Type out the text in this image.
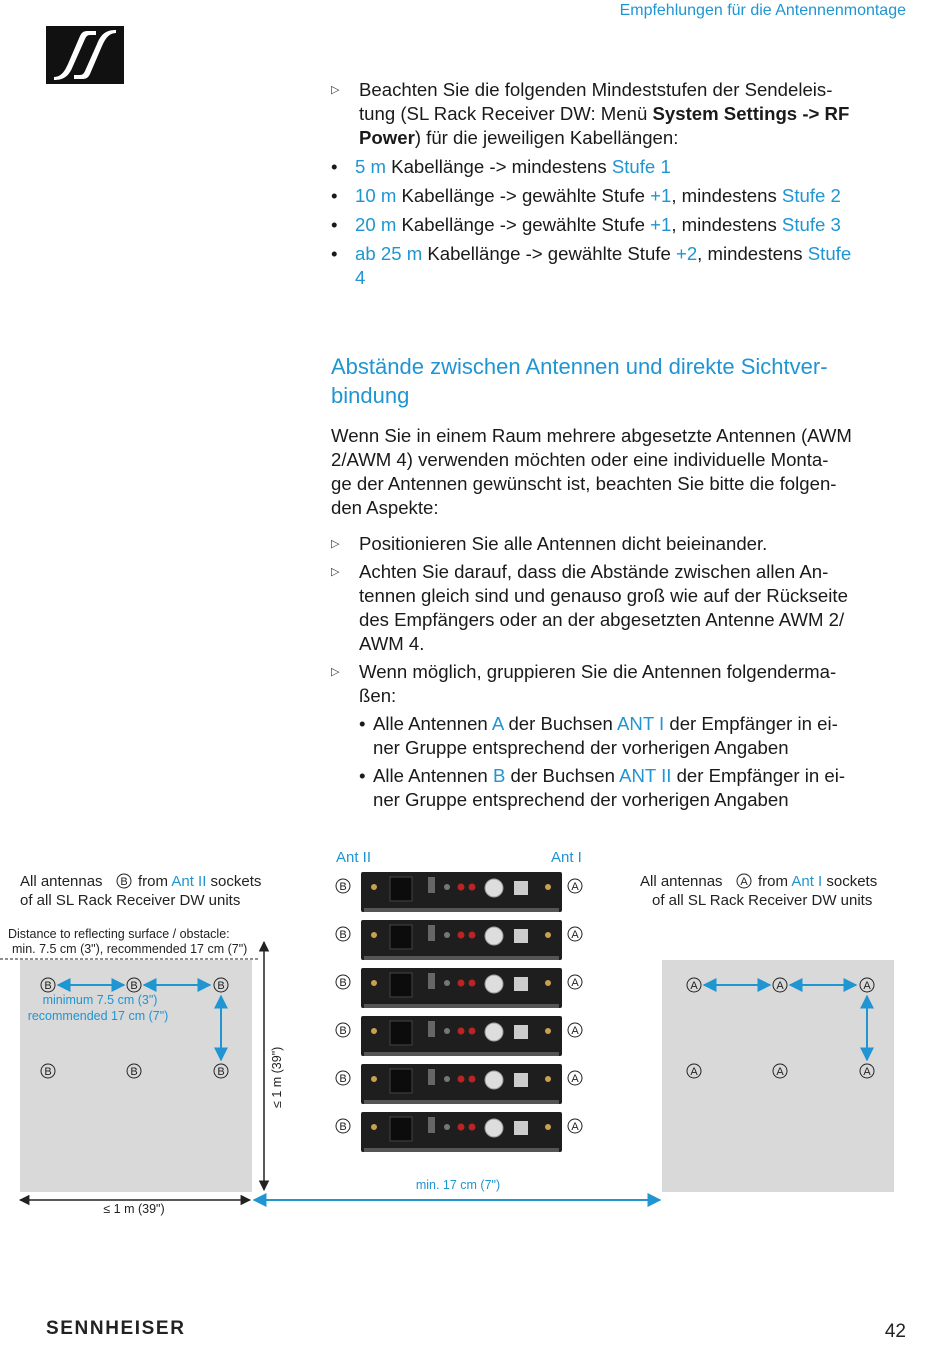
Empfehlungen für die Antennenmontage
▷ Beachten Sie die folgenden Mindeststufen der Sendeleis-
tung (SL Rack Receiver DW: Menü System Settings -> RF
Power) für die jeweiligen Kabellängen:
• 5 m Kabellänge -> mindestens Stufe 1
• 10 m Kabellänge -> gewählte Stufe +1, mindestens Stufe 2
• 20 m Kabellänge -> gewählte Stufe +1, mindestens Stufe 3
• ab 25 m Kabellänge -> gewählte Stufe +2, mindestens Stufe
4
Abstände zwischen Antennen und direkte Sichtver-
bindung
Wenn Sie in einem Raum mehrere abgesetzte Antennen (AWM
2/AWM 4) verwenden möchten oder eine individuelle Monta-
ge der Antennen gewünscht ist, beachten Sie bitte die folgen-
den Aspekte:
▷ Positionieren Sie alle Antennen dicht beieinander.
▷ Achten Sie darauf, dass die Abstände zwischen allen An-
tennen gleich sind und genauso groß wie auf der Rückseite
des Empfängers oder an der abgesetzten Antenne AWM 2/
AWM 4.
▷ Wenn möglich, gruppieren Sie die Antennen folgenderma-
ßen:
• Alle Antennen A der Buchsen ANT I der Empfänger in ei-
ner Gruppe entsprechend der vorherigen Angaben
• Alle Antennen B der Buchsen ANT II der Empfänger in ei-
ner Gruppe entsprechend der vorherigen Angaben
All antennas B from Ant II sockets
of all SL Rack Receiver DW units
All antennas A from Ant I sockets
of all SL Rack Receiver DW units
Ant II	Ant I
Distance to reflecting surface / obstacle:
min. 7.5 cm (3"), recommended 17 cm (7")
minimum 7.5 cm (3")
recommended 17 cm (7")
≤ 1 m (39")
≤ 1 m (39")
min. 17 cm (7")
B	A
B	A
B	A
B	A
B	A
B	A
B
B
B
B
B
B
A
A
A
A
A
A
SENNHEISER	42
